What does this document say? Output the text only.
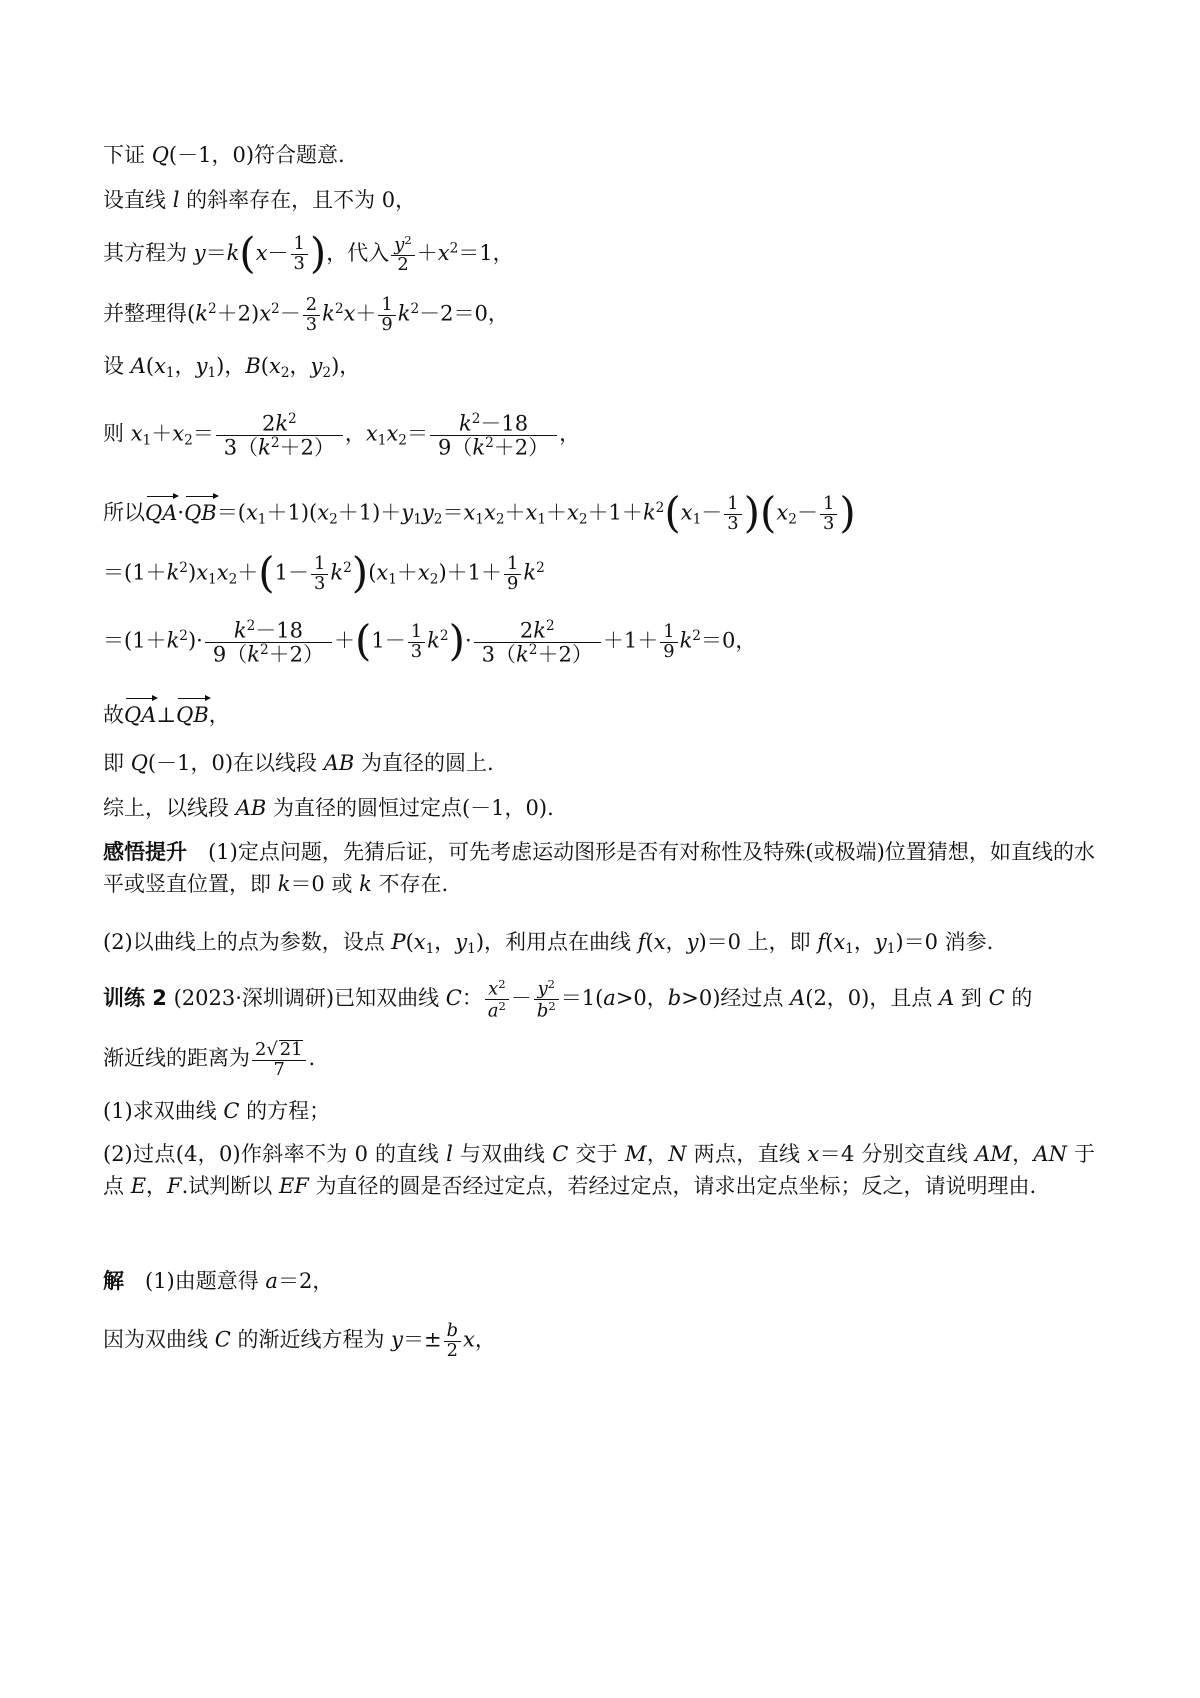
下证 Q(－1，0)符合题意.
设直线 l 的斜率存在，且不为 0，
其方程为 $y=k(x- \frac{1}{3}$ )，代入 $\frac{y^2}{2} +x^2=1$，
并整理得$(k^2+2)x^2- \frac{2}{3} k^2x+ \frac{1}{9} k^2-2=0$，
设 $A(x_1$，$y_1$)，$B(x_2$，$y_2$)，
则 $x_1+x_2= \frac{2k^2}{3(k^2+2)}$ ，$x_1x_2= \frac{k^2-18}{9(k^2+2)}$ ，
所以$QA\cdot QB=(x_1+1)(x_2+1)+y_1y_2=x_1x_2+x_1+x_2+1+k^2(x_1- \frac{1}{3} )(x_2- \frac{1}{3}$ )
$=(1+k^2)x_1x_2+(1- \frac{1}{3} k^2)(x_1+x_2)+1+ \frac{1}{9} k^2$
$=(1+k^2)\cdot \frac{k^2-18}{9(k^2+2)} +(1- \frac{1}{3} k^2)\cdot \frac{2k^2}{3(k^2+2)} +1+ \frac{1}{9} k^2=0$，
故QA⊥QB，
即 Q(－1，0)在以线段 AB 为直径的圆上.
综上，以线段 AB 为直径的圆恒过定点(－1，0).
感悟提升　(1)定点问题，先猜后证，可先考虑运动图形是否有对称性及特殊(或极端)位置猜想，如直线的水平或竖直位置，即 k＝0 或 k 不存在.
(2)以曲线上的点为参数，设点 $P(x_1$，$y_1$)，利用点在曲线 f(x，y)＝0 上，即 $f(x_1$，$y_1)=0$ 消参.
训练 2 (2023·深圳调研)已知双曲线 C： $\frac{x^2}{a^2} - \frac{y^2}{b^2} =1(a>0$，b>0)经过点 A(2，0)，且点 A 到 C 的
渐近线的距离为 $\frac{2√ 21}{7}$ .
(1)求双曲线 C 的方程；
(2)过点(4，0)作斜率不为 0 的直线 l 与双曲线 C 交于 M，N 两点，直线 x＝4 分别交直线 AM，AN 于点 E，F.试判断以 EF 为直径的圆是否经过定点，若经过定点，请求出定点坐标；反之，请说明理由.
解　(1)由题意得 a＝2，
因为双曲线 C 的渐近线方程为 $y=\pm \frac{b}{2}$ x，
